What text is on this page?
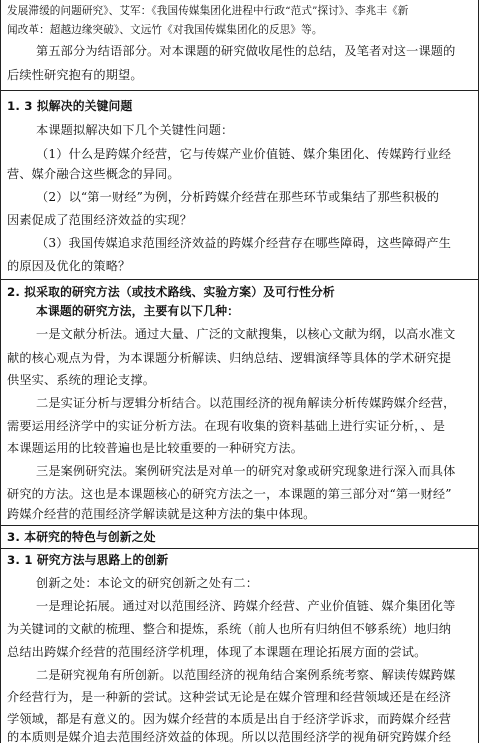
发展滞缓的问题研究》、艾军：《我国传媒集团化进程中行政“范式”探讨》、李兆丰《新
闻改革：超越边缘突破》、文远竹《对我国传媒集团化的反思》等。
第五部分为结语部分。对本课题的研究做收尾性的总结，及笔者对这一课题的
后续性研究抱有的期望。
1. 3 拟解决的关键问题
本课题拟解决如下几个关键性问题：
（1）什么是跨媒介经营，它与传媒产业价值链、媒介集团化、传媒跨行业经
营、媒介融合这些概念的异同。
（2）以“第一财经”为例，分析跨媒介经营在那些环节或集结了那些积极的
因素促成了范围经济效益的实现？
（3）我国传媒追求范围经济效益的跨媒介经营存在哪些障碍，这些障碍产生
的原因及优化的策略？
2. 拟采取的研究方法（或技术路线、实验方案）及可行性分析
本课题的研究方法，主要有以下几种：
一是文献分析法。通过大量、广泛的文献搜集，以核心文献为纲，以高水准文
献的核心观点为骨，为本课题分析解读、归纳总结、逻辑演绎等具体的学术研究提
供坚实、系统的理论支撑。
二是实证分析与逻辑分析结合。以范围经济的视角解读分析传媒跨媒介经营，
需要运用经济学中的实证分析方法。在现有收集的资料基础上进行实证分析，、是
本课题运用的比较普遍也是比较重要的一种研究方法。
三是案例研究法。案例研究法是对单一的研究对象或研究现象进行深入而具体
研究的方法。这也是本课题核心的研究方法之一，本课题的第三部分对“第一财经”
跨媒介经营的范围经济学解读就是这种方法的集中体现。
3. 本研究的特色与创新之处
3. 1 研究方法与思路上的创新
创新之处：本论文的研究创新之处有二：
一是理论拓展。通过对以范围经济、跨媒介经营、产业价值链、媒介集团化等
为关键词的文献的梳理、整合和提炼，系统（前人也所有归纳但不够系统）地归纳
总结出跨媒介经营的范围经济学机理，体现了本课题在理论拓展方面的尝试。
二是研究视角有所创新。以范围经济的视角结合案例系统考察、解读传媒跨媒
介经营行为，是一种新的尝试。这种尝试无论是在媒介管理和经营领域还是在经济
学领域，都是有意义的。因为媒介经营的本质是出自于经济学诉求，而跨媒介经营
的本质则是媒介追去范围经济效益的体现。所以以范围经济学的视角研究跨媒介经
